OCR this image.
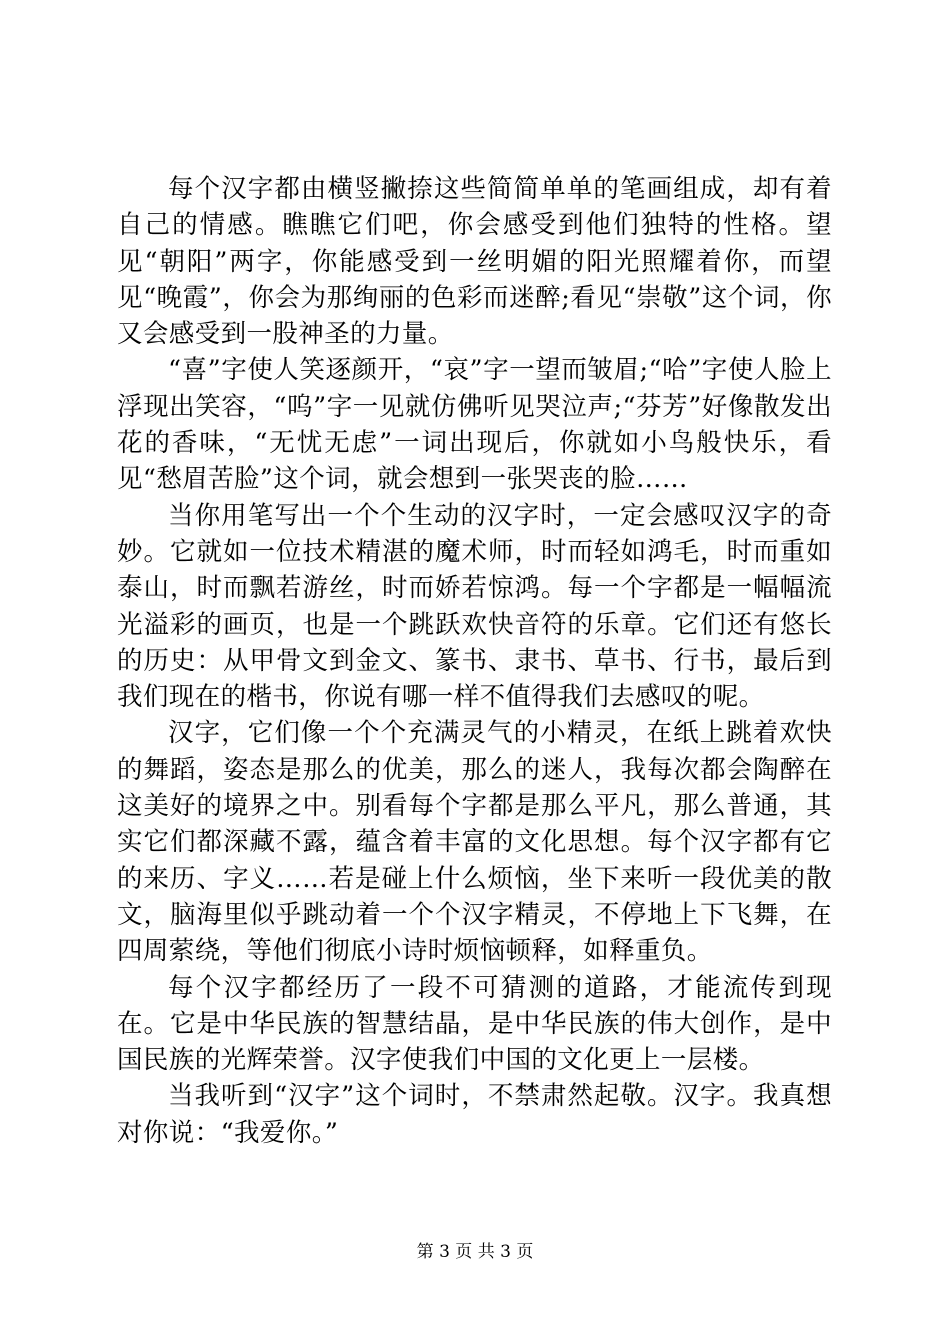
每个汉字都由横竖撇捺这些简简单单的笔画组成，却有着自己的情感。瞧瞧它们吧，你会感受到他们独特的性格。望见“朝阳”两字，你能感受到一丝明媚的阳光照耀着你，而望见“晚霞”，你会为那绚丽的色彩而迷醉;看见“崇敬”这个词，你又会感受到一股神圣的力量。

“喜”字使人笑逐颜开，“哀”字一望而皱眉;“哈”字使人脸上浮现出笑容，“呜”字一见就仿佛听见哭泣声;“芬芳”好像散发出花的香味，“无忧无虑”一词出现后，你就如小鸟般快乐，看见“愁眉苦脸”这个词，就会想到一张哭丧的脸……

当你用笔写出一个个生动的汉字时，一定会感叹汉字的奇妙。它就如一位技术精湛的魔术师，时而轻如鸿毛，时而重如泰山，时而飘若游丝，时而娇若惊鸿。每一个字都是一幅幅流光溢彩的画页，也是一个跳跃欢快音符的乐章。它们还有悠长的历史：从甲骨文到金文、篆书、隶书、草书、行书，最后到我们现在的楷书，你说有哪一样不值得我们去感叹的呢。

汉字，它们像一个个充满灵气的小精灵，在纸上跳着欢快的舞蹈，姿态是那么的优美，那么的迷人，我每次都会陶醉在这美好的境界之中。别看每个字都是那么平凡，那么普通，其实它们都深藏不露，蕴含着丰富的文化思想。每个汉字都有它的来历、字义……若是碰上什么烦恼，坐下来听一段优美的散文，脑海里似乎跳动着一个个汉字精灵，不停地上下飞舞，在四周萦绕，等他们彻底小诗时烦恼顿释，如释重负。

每个汉字都经历了一段不可猜测的道路，才能流传到现在。它是中华民族的智慧结晶，是中华民族的伟大创作，是中国民族的光辉荣誉。汉字使我们中国的文化更上一层楼。

当我听到“汉字”这个词时，不禁肃然起敬。汉字。我真想对你说：“我爱你。”

第 3 页 共 3 页
